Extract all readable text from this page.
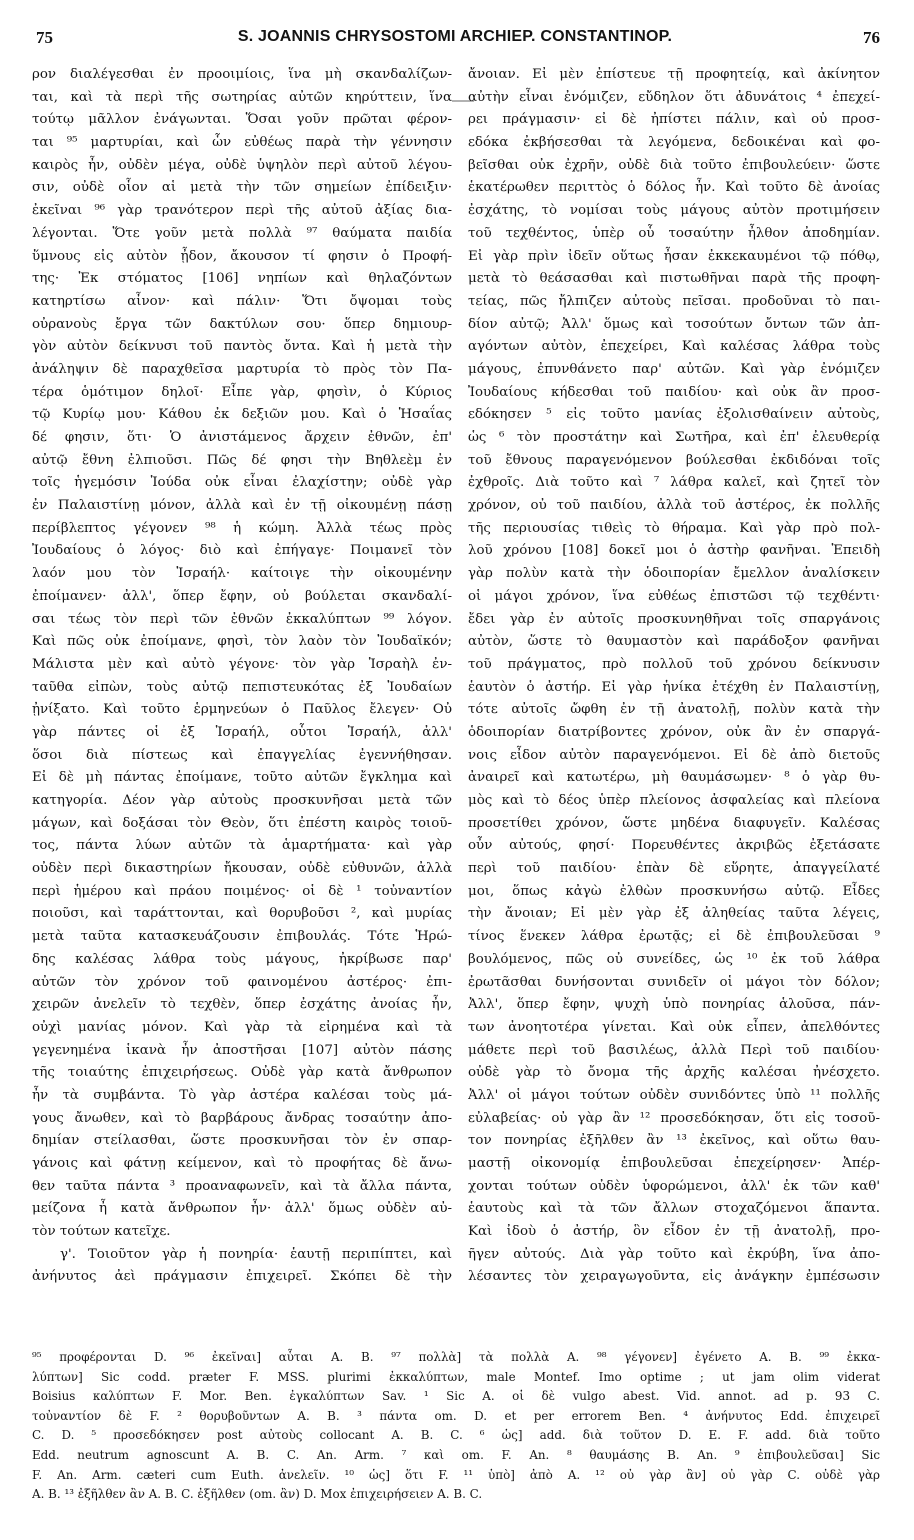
75	S. JOANNIS CHRYSOSTOMI ARCHIEP. CONSTANTINOP.	76
ρον διαλέγεσθαι ἐν προοιμίοις, ἵνα μὴ σκανδαλίζων-
ται, καὶ τὰ περὶ τῆς σωτηρίας αὐτῶν κηρύττειν, ἵνα
τούτῳ μᾶλλον ἐνάγωνται. Ὅσαι γοῦν πρῶται φέρον-
ται ⁹⁵ μαρτυρίαι, καὶ ὧν εὐθέως παρὰ τὴν γέννησιν
καιρὸς ἦν, οὐδὲν μέγα, οὐδὲ ὑψηλὸν περὶ αὐτοῦ λέγου-
σιν, οὐδὲ οἷον αἱ μετὰ τὴν τῶν σημείων ἐπίδειξιν·
ἐκεῖναι ⁹⁶ γὰρ τρανότερον περὶ τῆς αὐτοῦ ἀξίας δια-
λέγονται. Ὅτε γοῦν μετὰ πολλὰ ⁹⁷ θαύματα παιδία
ὕμνους εἰς αὐτὸν ᾖδον, ἄκουσον τί φησιν ὁ Προφή-
της· Ἐκ στόματος [106] νηπίων καὶ θηλαζόντων
κατηρτίσω αἶνον· καὶ πάλιν· Ὅτι ὄψομαι τοὺς
οὐρανοὺς ἔργα τῶν δακτύλων σου· ὅπερ δημιουρ-
γὸν αὐτὸν δείκνυσι τοῦ παντὸς ὄντα. Καὶ ἡ μετὰ τὴν
ἀνάληψιν δὲ παραχθεῖσα μαρτυρία τὸ πρὸς τὸν Πα-
τέρα ὁμότιμον δηλοῖ· Εἶπε γὰρ, φησὶν, ὁ Κύριος
τῷ Κυρίῳ μου· Κάθου ἐκ δεξιῶν μου. Καὶ ὁ Ἡσαΐας
δέ φησιν, ὅτι· Ὁ ἀνιστάμενος ἄρχειν ἐθνῶν, ἐπ'
αὐτῷ ἔθνη ἐλπιοῦσι. Πῶς δέ φησι τὴν Βηθλεὲμ ἐν
τοῖς ἡγεμόσιν Ἰούδα οὐκ εἶναι ἐλαχίστην; οὐδὲ γὰρ
ἐν Παλαιστίνῃ μόνον, ἀλλὰ καὶ ἐν τῇ οἰκουμένῃ πάσῃ
περίβλεπτος γέγονεν ⁹⁸ ἡ κώμη. Ἀλλὰ τέως πρὸς
Ἰουδαίους ὁ λόγος· διὸ καὶ ἐπήγαγε· Ποιμανεῖ τὸν
λαόν μου τὸν Ἰσραήλ· καίτοιγε τὴν οἰκουμένην
ἐποίμανεν· ἀλλ', ὅπερ ἔφην, οὐ βούλεται σκανδαλί-
σαι τέως τὸν περὶ τῶν ἐθνῶν ἐκκαλύπτων ⁹⁹ λόγον.
Καὶ πῶς οὐκ ἐποίμανε, φησὶ, τὸν λαὸν τὸν Ἰουδαϊκόν;
Μάλιστα μὲν καὶ αὐτὸ γέγονε· τὸν γὰρ Ἰσραὴλ ἐν-
ταῦθα εἰπὼν, τοὺς αὐτῷ πεπιστευκότας ἐξ Ἰουδαίων
ᾐνίξατο. Καὶ τοῦτο ἑρμηνεύων ὁ Παῦλος ἔλεγεν· Οὐ
γὰρ πάντες οἱ ἐξ Ἰσραήλ, οὗτοι Ἰσραήλ, ἀλλ'
ὅσοι διὰ πίστεως καὶ ἐπαγγελίας ἐγεννήθησαν.
Εἰ δὲ μὴ πάντας ἐποίμανε, τοῦτο αὐτῶν ἔγκλημα καὶ
κατηγορία. Δέον γὰρ αὐτοὺς προσκυνῆσαι μετὰ τῶν
μάγων, καὶ δοξάσαι τὸν Θεὸν, ὅτι ἐπέστη καιρὸς τοιοῦ-
τος, πάντα λύων αὐτῶν τὰ ἁμαρτήματα· καὶ γὰρ
οὐδὲν περὶ δικαστηρίων ἤκουσαν, οὐδὲ εὐθυνῶν, ἀλλὰ
περὶ ἡμέρου καὶ πράου ποιμένος· οἱ δὲ ¹ τοὐναντίον
ποιοῦσι, καὶ ταράττονται, καὶ θορυβοῦσι ², καὶ μυρίας
μετὰ ταῦτα κατασκευάζουσιν ἐπιβουλάς. Τότε Ἡρώ-
δης καλέσας λάθρα τοὺς μάγους, ἠκρίβωσε παρ'
αὐτῶν τὸν χρόνον τοῦ φαινομένου ἀστέρος· ἐπι-
χειρῶν ἀνελεῖν τὸ τεχθὲν, ὅπερ ἐσχάτης ἀνοίας ἦν,
οὐχὶ μανίας μόνον. Καὶ γὰρ τὰ εἰρημένα καὶ τὰ
γεγενημένα ἱκανὰ ἦν ἀποστῆσαι [107] αὐτὸν πάσης
τῆς τοιαύτης ἐπιχειρήσεως. Οὐδὲ γὰρ κατὰ ἄνθρωπον
ἦν τὰ συμβάντα. Τὸ γὰρ ἀστέρα καλέσαι τοὺς μά-
γους ἄνωθεν, καὶ τὸ βαρβάρους ἄνδρας τοσαύτην ἀπο-
δημίαν στείλασθαι, ὥστε προσκυνῆσαι τὸν ἐν σπαρ-
γάνοις καὶ φάτνῃ κείμενον, καὶ τὸ προφήτας δὲ ἄνω-
θεν ταῦτα πάντα ³ προαναφωνεῖν, καὶ τὰ ἄλλα πάντα,
μείζονα ἦ κατὰ ἄνθρωπον ἦν· ἀλλ' ὅμως οὐδὲν αὐ-
τὸν τούτων κατεῖχε.
γ'. Τοιοῦτον γὰρ ἡ πονηρία· ἑαυτῇ περιπίπτει, καὶ
ἀνήνυτος ἀεὶ πράγμασιν ἐπιχειρεῖ. Σκόπει δὲ τὴν
ἄνοιαν. Εἰ μὲν ἐπίστευε τῇ προφητείᾳ, καὶ ἀκίνητον
αὐτὴν εἶναι ἐνόμιζεν, εὔδηλον ὅτι ἀδυνάτοις ⁴ ἐπεχεί-
ρει πράγμασιν· εἰ δὲ ἠπίστει πάλιν, καὶ οὐ προσ-
εδόκα ἐκβήσεσθαι τὰ λεγόμενα, δεδοικέναι καὶ φο-
βεῖσθαι οὐκ ἐχρῆν, οὐδὲ διὰ τοῦτο ἐπιβουλεύειν· ὥστε
ἑκατέρωθεν περιττὸς ὁ δόλος ἦν. Καὶ τοῦτο δὲ ἀνοίας
ἐσχάτης, τὸ νομίσαι τοὺς μάγους αὐτὸν προτιμήσειν
τοῦ τεχθέντος, ὑπὲρ οὗ τοσαύτην ἦλθον ἀποδημίαν.
Εἰ γὰρ πρὶν ἰδεῖν οὕτως ἦσαν ἐκκεκαυμένοι τῷ πόθῳ,
μετὰ τὸ θεάσασθαι καὶ πιστωθῆναι παρὰ τῆς προφη-
τείας, πῶς ἤλπιζεν αὐτοὺς πεῖσαι. προδοῦναι τὸ παι-
δίον αὐτῷ; Ἀλλ' ὅμως καὶ τοσούτων ὄντων τῶν ἀπ-
αγόντων αὐτὸν, ἐπεχείρει, Καὶ καλέσας λάθρα τοὺς
μάγους, ἐπυνθάνετο παρ' αὐτῶν. Καὶ γὰρ ἐνόμιζεν
Ἰουδαίους κήδεσθαι τοῦ παιδίου· καὶ οὐκ ἂν προσ-
εδόκησεν ⁵ εἰς τοῦτο μανίας ἐξολισθαίνειν αὐτοὺς,
ὡς ⁶ τὸν προστάτην καὶ Σωτῆρα, καὶ ἐπ' ἐλευθερίᾳ
τοῦ ἔθνους παραγενόμενον βούλεσθαι ἐκδιδόναι τοῖς
ἐχθροῖς. Διὰ τοῦτο καὶ ⁷ λάθρα καλεῖ, καὶ ζητεῖ τὸν
χρόνον, οὐ τοῦ παιδίου, ἀλλὰ τοῦ ἀστέρος, ἐκ πολλῆς
τῆς περιουσίας τιθεὶς τὸ θήραμα. Καὶ γὰρ πρὸ πολ-
λοῦ χρόνου [108] δοκεῖ μοι ὁ ἀστὴρ φανῆναι. Ἐπειδὴ
γὰρ πολὺν κατὰ τὴν ὁδοιπορίαν ἔμελλον ἀναλίσκειν
οἱ μάγοι χρόνον, ἵνα εὐθέως ἐπιστῶσι τῷ τεχθέντι·
ἔδει γὰρ ἐν αὐτοῖς προσκυνηθῆναι τοῖς σπαργάνοις
αὐτὸν, ὥστε τὸ θαυμαστὸν καὶ παράδοξον φανῆναι
τοῦ πράγματος, πρὸ πολλοῦ τοῦ χρόνου δείκνυσιν
ἑαυτὸν ὁ ἀστήρ. Εἰ γὰρ ἡνίκα ἐτέχθη ἐν Παλαιστίνῃ,
τότε αὐτοῖς ὤφθη ἐν τῇ ἀνατολῇ, πολὺν κατὰ τὴν
ὁδοιπορίαν διατρίβοντες χρόνον, οὐκ ἂν ἐν σπαργά-
νοις εἶδον αὐτὸν παραγενόμενοι. Εἰ δὲ ἀπὸ διετοῦς
ἀναιρεῖ καὶ κατωτέρω, μὴ θαυμάσωμεν· ⁸ ὁ γὰρ θυ-
μὸς καὶ τὸ δέος ὑπὲρ πλείονος ἀσφαλείας καὶ πλείονα
προσετίθει χρόνον, ὥστε μηδένα διαφυγεῖν. Καλέσας
οὖν αὐτούς, φησί· Πορευθέντες ἀκριβῶς ἐξετάσατε
περὶ τοῦ παιδίου· ἐπὰν δὲ εὕρητε, ἀπαγγείλατέ
μοι, ὅπως κἀγὼ ἐλθὼν προσκυνήσω αὐτῷ. Εἶδες
τὴν ἄνοιαν; Εἰ μὲν γὰρ ἐξ ἀληθείας ταῦτα λέγεις,
τίνος ἕνεκεν λάθρα ἐρωτᾷς; εἰ δὲ ἐπιβουλεῦσαι ⁹
βουλόμενος, πῶς οὐ συνείδες, ὡς ¹⁰ ἐκ τοῦ λάθρα
ἐρωτᾶσθαι δυνήσονται συνιδεῖν οἱ μάγοι τὸν δόλον;
Ἀλλ', ὅπερ ἔφην, ψυχὴ ὑπὸ πονηρίας ἁλοῦσα, πάν-
των ἀνοητοτέρα γίνεται. Καὶ οὐκ εἶπεν, ἀπελθόντες
μάθετε περὶ τοῦ βασιλέως, ἀλλὰ Περὶ τοῦ παιδίου·
οὐδὲ γὰρ τὸ ὄνομα τῆς ἀρχῆς καλέσαι ἠνέσχετο.
Ἀλλ' οἱ μάγοι τούτων οὐδὲν συνιδόντες ὑπὸ ¹¹ πολλῆς
εὐλαβείας· οὐ γὰρ ἂν ¹² προσεδόκησαν, ὅτι εἰς τοσοῦ-
τον πονηρίας ἐξῆλθεν ἂν ¹³ ἐκεῖνος, καὶ οὕτω θαυ-
μαστῇ οἰκονομίᾳ ἐπιβουλεῦσαι ἐπεχείρησεν· Ἀπέρ-
χονται τούτων οὐδὲν ὑφορώμενοι, ἀλλ' ἐκ τῶν καθ'
ἑαυτοὺς καὶ τὰ τῶν ἄλλων στοχαζόμενοι ἅπαντα.
Καὶ ἰδοὺ ὁ ἀστήρ, ὃν εἶδον ἐν τῇ ἀνατολῇ, προ-
ῆγεν αὐτούς. Διὰ γὰρ τοῦτο καὶ ἐκρύβη, ἵνα ἀπο-
λέσαντες τὸν χειραγωγοῦντα, εἰς ἀνάγκην ἐμπέσωσιν
⁹⁵ προφέρονται D. ⁹⁶ ἐκεῖναι] αὗται A. B. ⁹⁷ πολλὰ] τὰ πολλὰ A. ⁹⁸ γέγονεν] ἐγένετο A. B. ⁹⁹ ἐκκα-
λύπτων] Sic codd. præter F. MSS. plurimi ἐκκαλύπτων, male Montef. Imo optime ; ut jam olim viderat
Boisius καλύπτων F. Mor. Ben. ἐγκαλύπτων Sav. ¹ Sic A. οἱ δὲ vulgo abest. Vid. annot. ad p. 93 C.
τοὐναντίον δὲ F. ² θορυβοῦντων A. B. ³ πάντα om. D. et per errorem Ben. ⁴ ἀνήνυτος Edd. ἐπιχειρεῖ
C. D. ⁵ προσεδόκησεν post αὐτοὺς collocant A. B. C. ⁶ ὡς] add. διὰ τοῦτον D. E. F. add. διὰ τοῦτο
Edd. neutrum agnoscunt A. B. C. An. Arm. ⁷ καὶ om. F. An. ⁸ θαυμάσης B. An. ⁹ ἐπιβουλεῦσαι] Sic
F. An. Arm. cæteri cum Euth. ἀνελεῖν. ¹⁰ ὡς] ὅτι F. ¹¹ ὑπὸ] ἀπὸ A. ¹² οὐ γὰρ ἂν] οὐ γὰρ C. οὐδὲ γὰρ
A. B. ¹³ ἐξῆλθεν ἂν A. B. C. ἐξῆλθεν (om. ἂν) D. Mox ἐπιχειρήσειεν A. B. C.
